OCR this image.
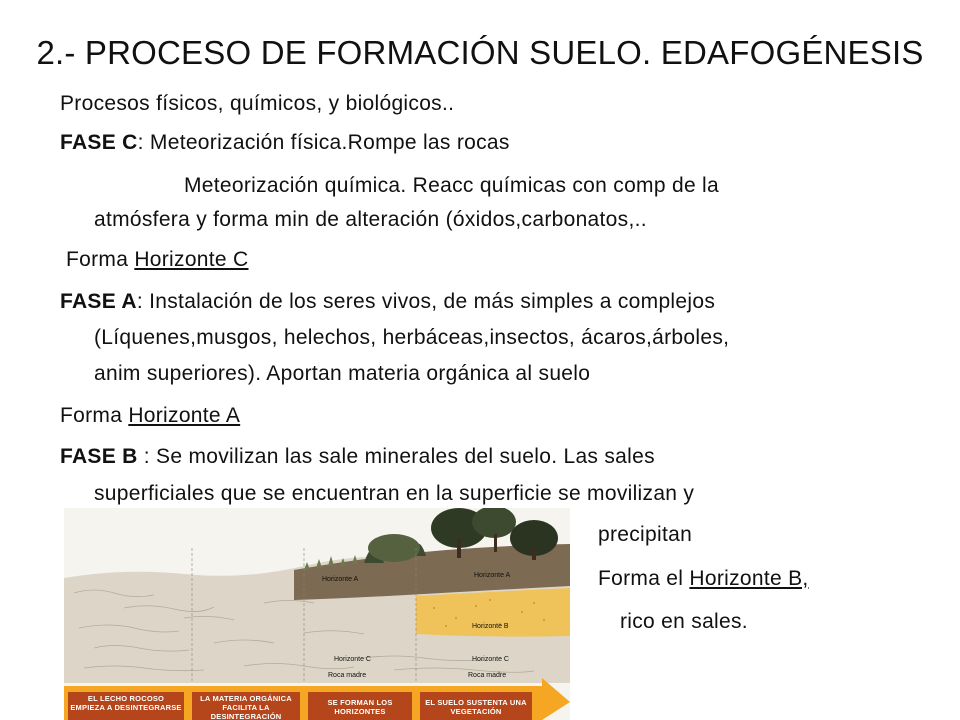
2.- PROCESO DE FORMACIÓN SUELO. EDAFOGÉNESIS
Procesos físicos, químicos, y biológicos..
FASE C: Meteorización física.Rompe las rocas
Meteorización química. Reacc químicas con comp de la
atmósfera y forma min de alteración (óxidos,carbonatos,..
Forma Horizonte C
FASE A: Instalación de los seres vivos, de más simples a complejos
(Líquenes,musgos, helechos, herbáceas,insectos, ácaros,árboles,
anim superiores). Aportan materia orgánica al suelo
Forma Horizonte A
FASE B : Se movilizan las sale minerales del suelo. Las sales
superficiales que se encuentran en la superficie se movilizan y
precipitan
Forma el Horizonte B,
rico en sales.
Horizonte A
Horizonte A
Horizonte B
Horizonte C	Horizonte C
Roca madre	Roca madre
EL LECHO ROCOSO EMPIEZA A DESINTEGRARSE
LA MATERIA ORGÁNICA FACILITA LA DESINTEGRACIÓN
SE FORMAN LOS HORIZONTES
EL SUELO SUSTENTA UNA VEGETACIÓN
